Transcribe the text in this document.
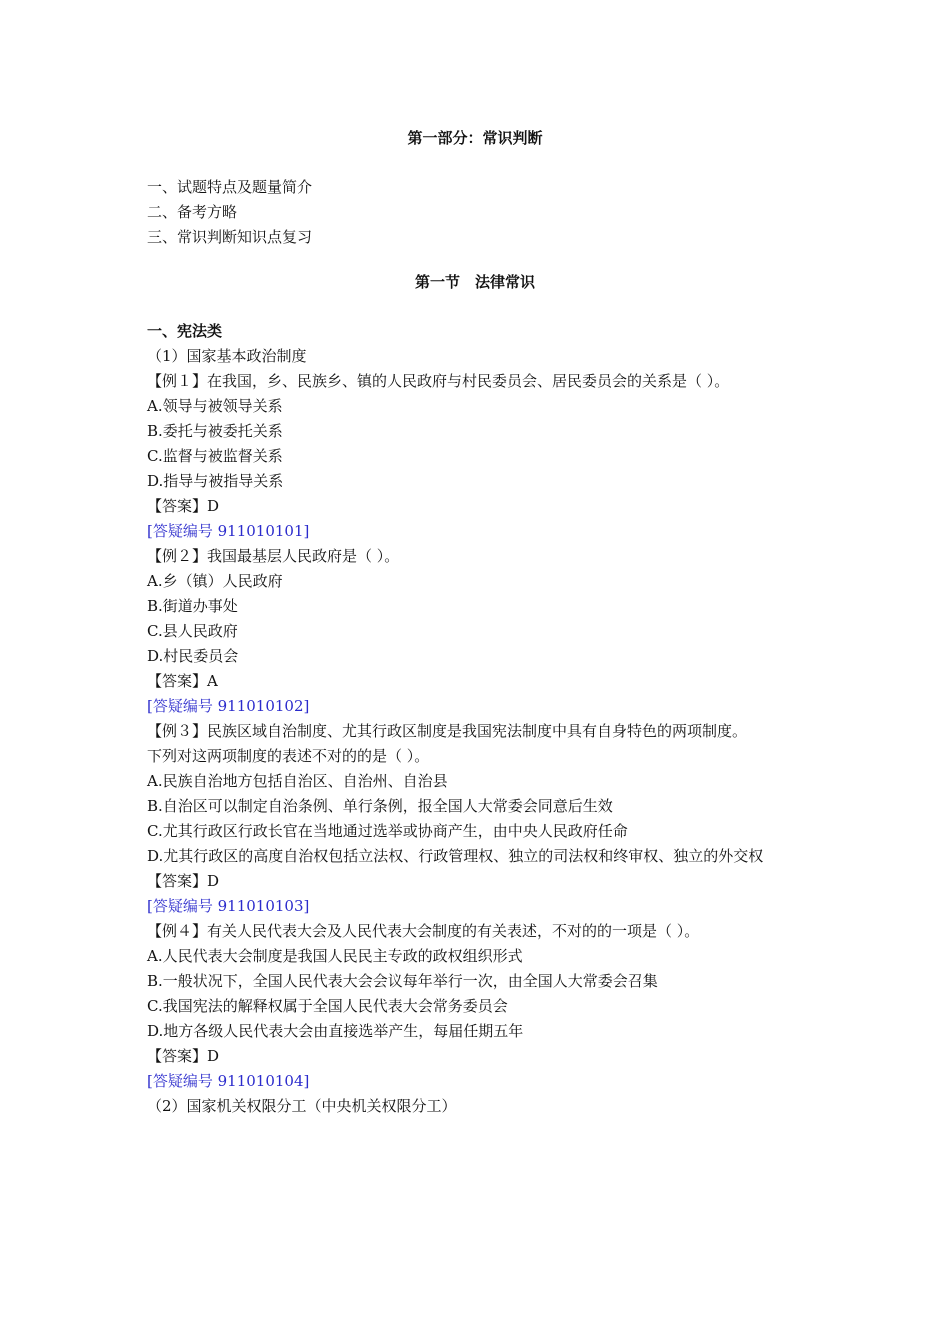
第一部分：常识判断
一、试题特点及题量简介
二、备考方略
三、常识判断知识点复习
第一节　法律常识
一、宪法类
（1）国家基本政治制度
【例１】在我国，乡、民族乡、镇的人民政府与村民委员会、居民委员会的关系是（ ）。
A.领导与被领导关系
B.委托与被委托关系
C.监督与被监督关系
D.指导与被指导关系
【答案】D
[答疑编号 911010101]
【例２】我国最基层人民政府是（ ）。
A.乡（镇）人民政府
B.街道办事处
C.县人民政府
D.村民委员会
【答案】A
[答疑编号 911010102]
【例３】民族区域自治制度、尤其行政区制度是我国宪法制度中具有自身特色的两项制度。
下列对这两项制度的表述不对的的是（ ）。
A.民族自治地方包括自治区、自治州、自治县
B.自治区可以制定自治条例、单行条例，报全国人大常委会同意后生效
C.尤其行政区行政长官在当地通过选举或协商产生，由中央人民政府任命
D.尤其行政区的高度自治权包括立法权、行政管理权、独立的司法权和终审权、独立的外交权
【答案】D
[答疑编号 911010103]
【例４】有关人民代表大会及人民代表大会制度的有关表述，不对的的一项是（ ）。
A.人民代表大会制度是我国人民民主专政的政权组织形式
B.一般状况下，全国人民代表大会会议每年举行一次，由全国人大常委会召集
C.我国宪法的解释权属于全国人民代表大会常务委员会
D.地方各级人民代表大会由直接选举产生，每届任期五年
【答案】D
[答疑编号 911010104]
（2）国家机关权限分工（中央机关权限分工）
